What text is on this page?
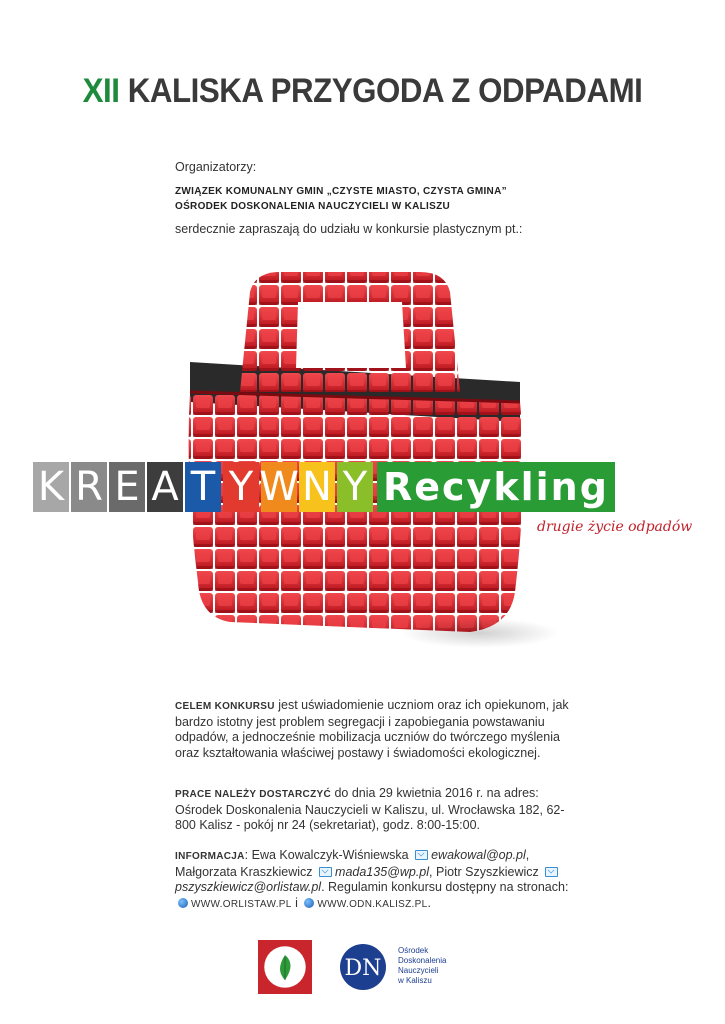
XII KALISKA PRZYGODA Z ODPADAMI
Organizatorzy:
ZWIĄZEK KOMUNALNY GMIN „CZYSTE MIASTO, CZYSTA GMINA”
OŚRODEK DOSKONALENIA NAUCZYCIELI W KALISZU
serdecznie zapraszają do udziału w konkursie plastycznym pt.:
K R E A T Y W N Y Recykling
drugie życie odpadów
CELEM KONKURSU jest uświadomienie uczniom oraz ich opiekunom, jak bardzo istotny jest problem segregacji i zapobiegania powstawaniu odpadów, a jednocześnie mobilizacja uczniów do twórczego myślenia oraz kształtowania właściwej postawy i świadomości ekologicznej.
PRACE NALEŻY DOSTARCZYĆ do dnia 29 kwietnia 2016 r. na adres: Ośrodek Doskonalenia Nauczycieli w Kaliszu, ul. Wrocławska 182, 62-800 Kalisz - pokój nr 24 (sekretariat), godz. 8:00-15:00.
INFORMACJA: Ewa Kowalczyk-Wiśniewska ewakowal@op.pl, Małgorzata Kraszkiewicz mada135@wp.pl, Piotr Szyszkiewicz pszyszkiewicz@orlistaw.pl. Regulamin konkursu dostępny na stronach: WWW.ORLISTAW.PL i WWW.ODN.KALISZ.PL.
DN
Ośrodek
Doskonalenia
Nauczycieli
w Kaliszu
